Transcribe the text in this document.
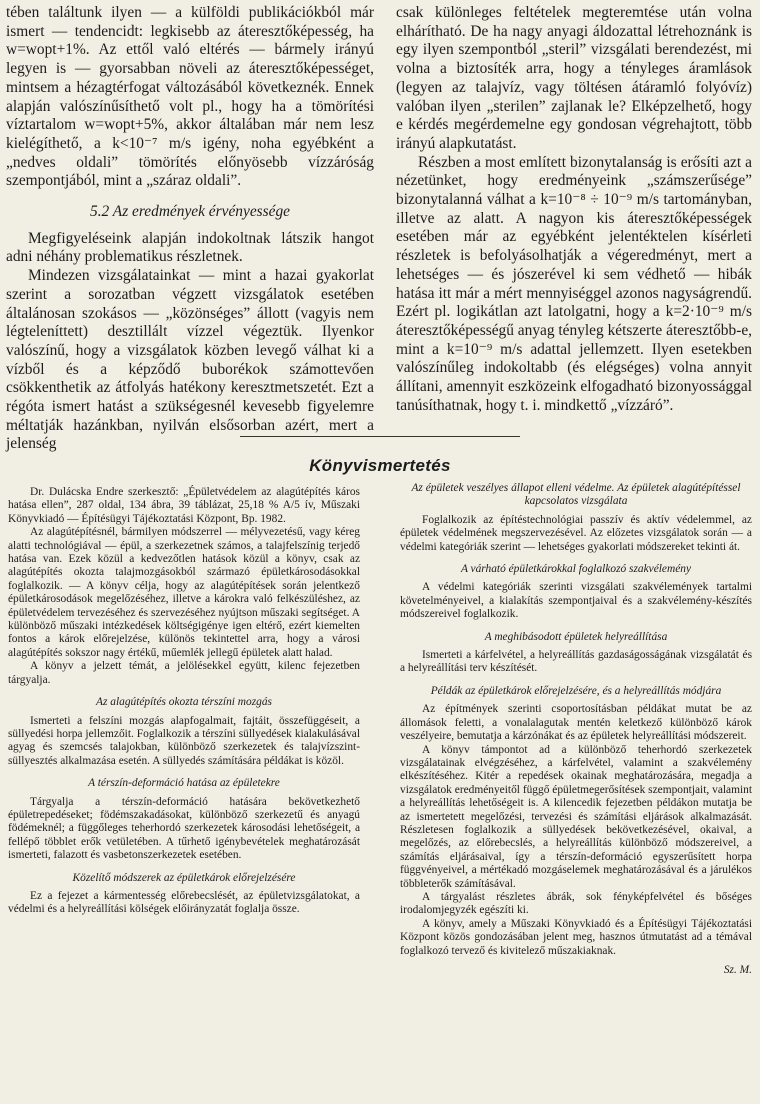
tében találtunk ilyen — a külföldi publikációkból már ismert — tendencidt: legkisebb az áteresztőképesség, ha w=wopt+1%. Az ettől való eltérés — bármely irányú legyen is — gyorsabban növeli az áteresztőképességet, mintsem a hézagtérfogat változásából következnék. Ennek alapján valószínűsíthető volt pl., hogy ha a tömörítési víztartalom w=wopt+5%, akkor általában már nem lesz kielégíthető, a k<10⁻⁷ m/s igény, noha egyébként a „nedves oldali” tömörítés előnyösebb vízzáróság szempontjából, mint a „száraz oldali”.

5.2 Az eredmények érvényessége

Megfigyeléseink alapján indokoltnak látszik hangot adni néhány problematikus részletnek.

Mindezen vizsgálatainkat — mint a hazai gyakorlat szerint a sorozatban végzett vizsgálatok esetében általánosan szokásos — „közönséges” állott (vagyis nem légteleníttett) desztillált vízzel végeztük. Ilyenkor valószínű, hogy a vizsgálatok közben levegő válhat ki a vízből és a képződő buborékok számottevően csökkenthetik az átfolyás hatékony keresztmetszetét. Ezt a régóta ismert hatást a szükségesnél kevesebb figyelemre méltatják hazánkban, nyilván elsősorban azért, mert a jelenség

csak különleges feltételek megteremtése után volna elhárítható. De ha nagy anyagi áldozattal létrehoznánk is egy ilyen szempontból „steril” vizsgálati berendezést, mi volna a biztosíték arra, hogy a tényleges áramlások (legyen az talajvíz, vagy töltésen átáramló folyóvíz) valóban ilyen „sterilen” zajlanak le? Elképzelhető, hogy e kérdés megérdemelne egy gondosan végrehajtott, több irányú alapkutatást.

Részben a most említett bizonytalanság is erősíti azt a nézetünket, hogy eredményeink „számszerűsége” bizonytalanná válhat a k=10⁻⁸ ÷ 10⁻⁹ m/s tartományban, illetve az alatt. A nagyon kis áteresztőképességek esetében már az egyébként jelentéktelen kísérleti részletek is befolyásolhatják a végeredményt, mert a lehetséges — és jószerével ki sem védhető — hibák hatása itt már a mért mennyiséggel azonos nagyságrendű. Ezért pl. logikátlan azt latolgatni, hogy a k=2·10⁻⁹ m/s áteresztőképességű anyag tényleg kétszerte áteresztőbb-e, mint a k=10⁻⁹ m/s adattal jellemzett. Ilyen esetekben valószínűleg indokoltabb (és elégséges) volna annyit állítani, amennyit eszközeink elfogadható bizonyossággal tanúsíthatnak, hogy t. i. mindkettő „vízzáró”.

Könyvismertetés

Dr. Dulácska Endre szerkesztő: „Épületvédelem az alagútépítés káros hatása ellen”, 287 oldal, 134 ábra, 39 táblázat, 25,18 % A/5 ív, Műszaki Könyvkiadó — Építésügyi Tájékoztatási Központ, Bp. 1982.

Az alagútépítésnél, bármilyen módszerrel — mélyvezetésű, vagy kéreg alatti technológiával — épül, a szerkezetnek számos, a talajfelszínig terjedő hatása van. Ezek közül a kedvezőtlen hatások közül a könyv, csak az alagútépítés okozta talajmozgásokból származó épületkárosodásokkal foglalkozik. — A könyv célja, hogy az alagútépítések során jelentkező épületkárosodások megelőzéséhez, illetve a károkra való felkészüléshez, az épületvédelem tervezéséhez és szervezéséhez nyújtson műszaki segítséget. A különböző műszaki intézkedések költségigénye igen eltérő, ezért kiemelten fontos a károk előrejelzése, különös tekintettel arra, hogy a városi alagútépítés sokszor nagy értékű, műemlék jellegű épületek alatt halad.

A könyv a jelzett témát, a jelölésekkel együtt, kilenc fejezetben tárgyalja.

Az alagútépítés okozta térszíni mozgás

Ismerteti a felszíni mozgás alapfogalmait, fajtáit, összefüggéseit, a süllyedési horpa jellemzőit. Foglalkozik a térszíni süllyedések kialakulásával agyag és szemcsés talajokban, különböző szerkezetek és talajvízszint-süllyesztés alkalmazása esetén. A süllyedés számítására példákat is közöl.

A térszín-deformáció hatása az épületekre

Tárgyalja a térszín-deformáció hatására bekövetkezhető épületrepedéseket; födémszakadásokat, különböző szerkezetű és anyagú födémeknél; a függőleges teherhordó szerkezetek károsodási lehetőségeit, a fellépő többlet erők vetületében. A tűrhető igénybevételek meghatározását ismerteti, falazott és vasbetonszerkezetek esetében.

Közelítő módszerek az épületkárok előrejelzésére

Ez a fejezet a kármentesség előrebecslését, az épületvizsgálatokat, a védelmi és a helyreállítási kölségek előirányzatát foglalja össze.

Az épületek veszélyes állapot elleni védelme. Az épületek alagútépítéssel kapcsolatos vizsgálata

Foglalkozik az építéstechnológiai passzív és aktív védelemmel, az épületek védelmének megszervezésével. Az előzetes vizsgálatok során — a védelmi kategóriák szerint — lehetséges gyakorlati módszereket tekinti át.

A várható épületkárokkal foglalkozó szakvélemény

A védelmi kategóriák szerinti vizsgálati szakvélemények tartalmi követelményeivel, a kialakítás szempontjaival és a szakvélemény-készítés módszereivel foglalkozik.

A meghibásodott épületek helyreállítása

Ismerteti a kárfelvétel, a helyreállítás gazdaságosságának vizsgálatát és a helyreállítási terv készítését.

Példák az épületkárok előrejelzésére, és a helyreállítás módjára

Az építmények szerinti csoportosításban példákat mutat be az állomások feletti, a vonalalagutak mentén keletkező különböző károk veszélyeire, bemutatja a kárzónákat és az épületek helyreállítási módszereit.

A könyv támpontot ad a különböző teherhordó szerkezetek vizsgálatainak elvégzéséhez, a kárfelvétel, valamint a szakvélemény elkészítéséhez. Kitér a repedések okainak meghatározására, megadja a vizsgálatok eredményeitől függő épületmegerősítések szempontjait, valamint a helyreállítás lehetőségeit is. A kilencedik fejezetben példákon mutatja be az ismertetett megelőzési, tervezési és számítási eljárások alkalmazását. Részletesen foglalkozik a süllyedések bekövetkezésével, okaival, a megelőzés, az előrebecslés, a helyreállítás különböző módszereivel, a számítás eljárásaival, így a térszín-deformáció egyszerűsített horpa függvényeivel, a mértékadó mozgáselemek meghatározásával és a járulékos többleterők számításával.

A tárgyalást részletes ábrák, sok fényképfelvétel és bőséges irodalomjegyzék egészíti ki.

A könyv, amely a Műszaki Könyvkiadó és a Építésügyi Tájékoztatási Központ közös gondozásában jelent meg, hasznos útmutatást ad a témával foglalkozó tervező és kivitelező műszakiaknak.

Sz. M.
